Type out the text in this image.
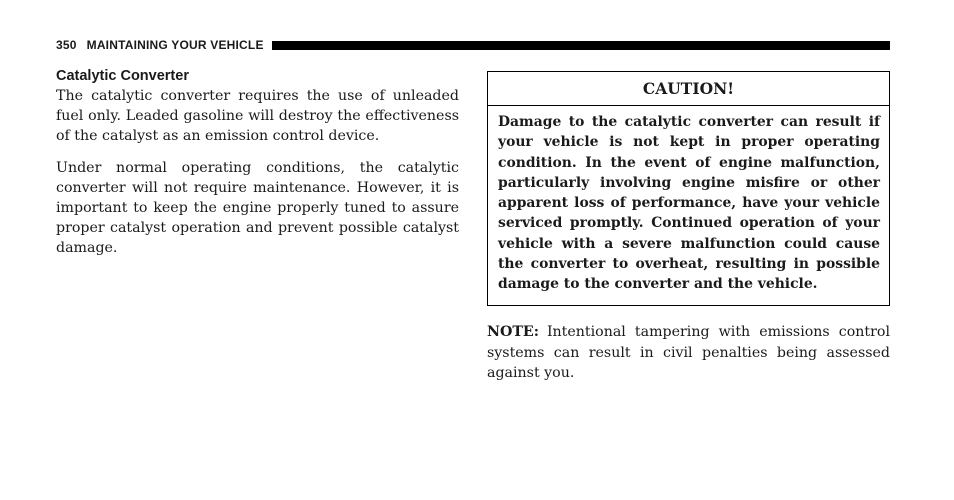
350 MAINTAINING YOUR VEHICLE
Catalytic Converter

The catalytic converter requires the use of unleaded fuel only. Leaded gasoline will destroy the effectiveness of the catalyst as an emission control device.

Under normal operating conditions, the catalytic converter will not require maintenance. However, it is important to keep the engine properly tuned to assure proper catalyst operation and prevent possible catalyst damage.

CAUTION!
Damage to the catalytic converter can result if your vehicle is not kept in proper operating condition. In the event of engine malfunction, particularly involving engine misfire or other apparent loss of performance, have your vehicle serviced promptly. Continued operation of your vehicle with a severe malfunction could cause the converter to overheat, resulting in possible damage to the converter and the vehicle.

NOTE: Intentional tampering with emissions control systems can result in civil penalties being assessed against you.
